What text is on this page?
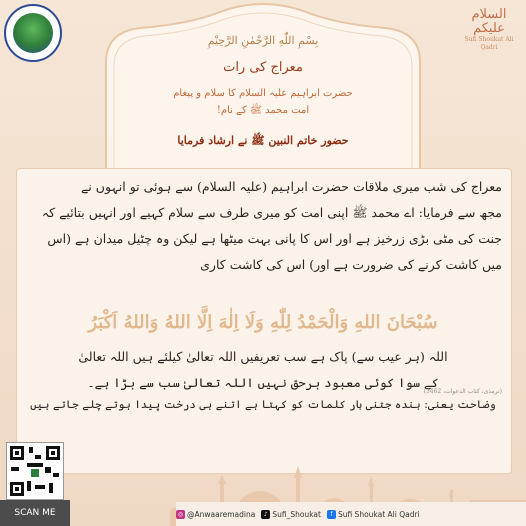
السلام علیکم
Sufi Shoukat Ali Qadri
بِسْمِ اللّٰهِ الرَّحْمٰنِ الرَّحِيْمِ
معراج کی رات
حضرت ابراہیم علیہ السلام کا سلام و پیغام
امت محمد ﷺ کے نام!
حضور خاتم النبین ﷺ نے ارشاد فرمایا

معراج کی شب میری ملاقات حضرت ابراہیم (علیہ السلام) سے ہوئی تو انہوں نے

مجھ سے فرمایا: اے محمد ﷺ اپنی امت کو میری طرف سے سلام کہیے اور انہیں بتائیے کہ

جنت کی مٹی بڑی زرخیز ہے اور اس کا پانی بہت میٹھا ہے لیکن وہ چٹیل میدان ہے (اس

میں کاشت کرنے کی ضرورت ہے اور) اس کی کاشت کاری

سُبْحَانَ اللهِ وَالْحَمْدُ لِلّٰهِ وَلَا اِلٰهَ اِلَّا اللهُ وَاللهُ اَكْبَرُ
اللہ (ہر عیب سے) پاک ہے سب تعریفیں اللہ تعالیٰ کیلئے ہیں اللہ تعالیٰ
کے سوا کوئی معبود برحق نہیں اللہ تعالیٰ سب سے بڑا ہے۔
(ترمذی، کتاب الدعوات، 3462)
وضاحت یعنی: بندہ جتنی بار کلمات کو کہتا ہے اتنے ہی درخت پیدا ہوتے چلے جاتے ہیں
SCAN ME	◎ @Anwaaremadina	♪ Sufi_Shoukat	f Sufi Shoukat Ali Qadri
